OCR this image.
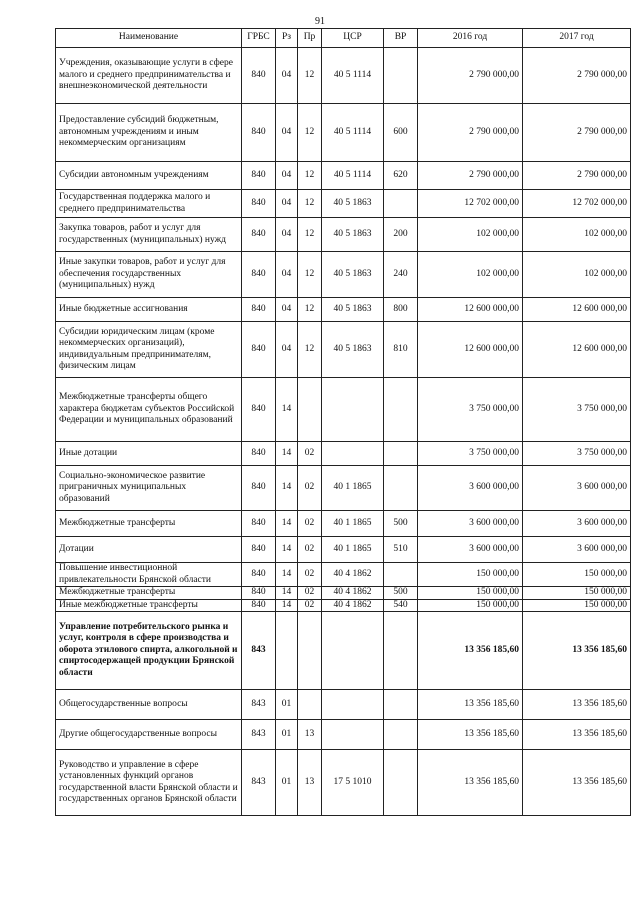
91
Наименование	ГРБС	Рз	Пр	ЦСР	ВР	2016 год	2017 год
Учреждения, оказывающие услуги в сфере малого и среднего предпринимательства и внешнеэкономической деятельности	840	04	12	40 5 1114		2 790 000,00	2 790 000,00
Предоставление субсидий бюджетным, автономным учреждениям и иным некоммерческим организациям	840	04	12	40 5 1114	600	2 790 000,00	2 790 000,00
Субсидии автономным учреждениям	840	04	12	40 5 1114	620	2 790 000,00	2 790 000,00
Государственная поддержка малого и среднего предпринимательства	840	04	12	40 5 1863		12 702 000,00	12 702 000,00
Закупка товаров, работ и услуг для государственных (муниципальных) нужд	840	04	12	40 5 1863	200	102 000,00	102 000,00
Иные закупки товаров, работ и услуг для обеспечения государственных (муниципальных) нужд	840	04	12	40 5 1863	240	102 000,00	102 000,00
Иные бюджетные ассигнования	840	04	12	40 5 1863	800	12 600 000,00	12 600 000,00
Субсидии юридическим лицам (кроме некоммерческих организаций), индивидуальным предпринимателям, физическим лицам	840	04	12	40 5 1863	810	12 600 000,00	12 600 000,00
Межбюджетные трансферты общего характера бюджетам субъектов Российской Федерации и муниципальных образований	840	14				3 750 000,00	3 750 000,00
Иные дотации	840	14	02			3 750 000,00	3 750 000,00
Социально-экономическое развитие приграничных муниципальных образований	840	14	02	40 1 1865		3 600 000,00	3 600 000,00
Межбюджетные трансферты	840	14	02	40 1 1865	500	3 600 000,00	3 600 000,00
Дотации	840	14	02	40 1 1865	510	3 600 000,00	3 600 000,00
Повышение инвестиционной привлекательности Брянской области	840	14	02	40 4 1862		150 000,00	150 000,00
Межбюджетные трансферты	840	14	02	40 4 1862	500	150 000,00	150 000,00
Иные межбюджетные трансферты	840	14	02	40 4 1862	540	150 000,00	150 000,00
Управление потребительского рынка и услуг, контроля в сфере производства и оборота этилового спирта, алкогольной и спиртосодержащей продукции Брянской области	843					13 356 185,60	13 356 185,60
Общегосударственные вопросы	843	01				13 356 185,60	13 356 185,60
Другие общегосударственные вопросы	843	01	13			13 356 185,60	13 356 185,60
Руководство и управление в сфере установленных функций органов государственной власти Брянской области и государственных органов Брянской области	843	01	13	17 5 1010		13 356 185,60	13 356 185,60
